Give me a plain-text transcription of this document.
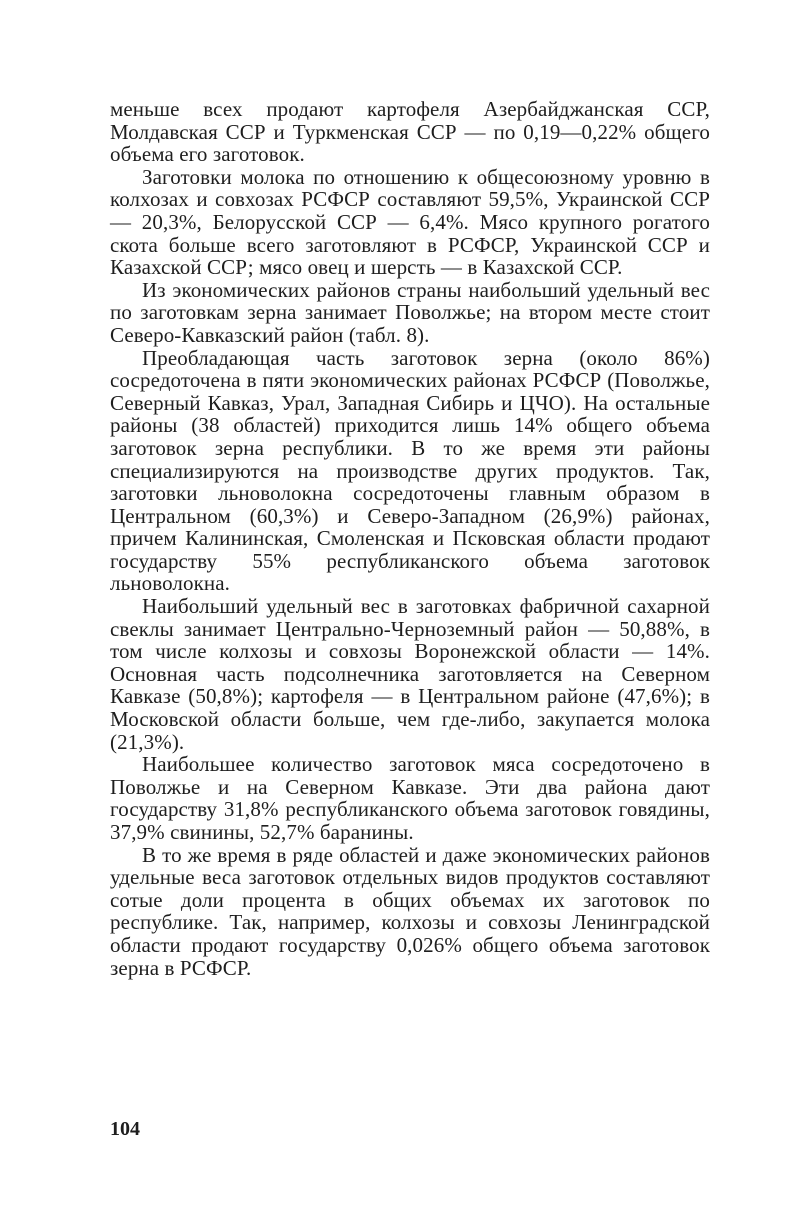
меньше всех продают картофеля Азербайджанская ССР, Молдавская ССР и Туркменская ССР — по 0,19—0,22% общего объема его заготовок.

Заготовки молока по отношению к общесоюзному уровню в колхозах и совхозах РСФСР составляют 59,5%, Украинской ССР — 20,3%, Белорусской ССР — 6,4%. Мясо крупного рогатого скота больше всего заготовляют в РСФСР, Украинской ССР и Казахской ССР; мясо овец и шерсть — в Казахской ССР.

Из экономических районов страны наибольший удельный вес по заготовкам зерна занимает Поволжье; на втором месте стоит Северо-Кавказский район (табл. 8).

Преобладающая часть заготовок зерна (около 86%) сосредоточена в пяти экономических районах РСФСР (Поволжье, Северный Кавказ, Урал, Западная Сибирь и ЦЧО). На остальные районы (38 областей) приходится лишь 14% общего объема заготовок зерна республики. В то же время эти районы специализируются на производстве других продуктов. Так, заготовки льноволокна сосредоточены главным образом в Центральном (60,3%) и Северо-Западном (26,9%) районах, причем Калининская, Смоленская и Псковская области продают государству 55% республиканского объема заготовок льноволокна.

Наибольший удельный вес в заготовках фабричной сахарной свеклы занимает Центрально-Черноземный район — 50,88%, в том числе колхозы и совхозы Воронежской области — 14%. Основная часть подсолнечника заготовляется на Северном Кавказе (50,8%); картофеля — в Центральном районе (47,6%); в Московской области больше, чем где-либо, закупается молока (21,3%).

Наибольшее количество заготовок мяса сосредоточено в Поволжье и на Северном Кавказе. Эти два района дают государству 31,8% республиканского объема заготовок говядины, 37,9% свинины, 52,7% баранины.

В то же время в ряде областей и даже экономических районов удельные веса заготовок отдельных видов продуктов составляют сотые доли процента в общих объемах их заготовок по республике. Так, например, колхозы и совхозы Ленинградской области продают государству 0,026% общего объема заготовок зерна в РСФСР.

104
